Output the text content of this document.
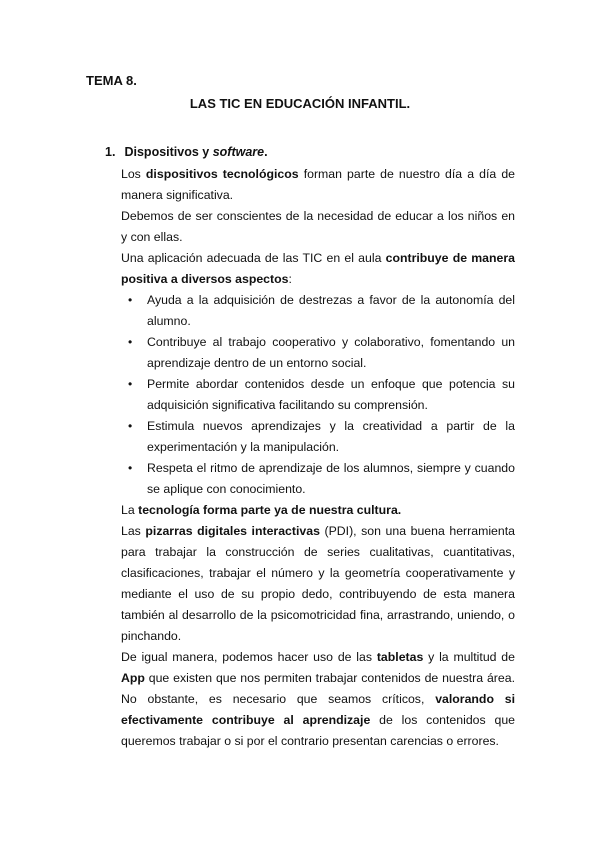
TEMA 8.
LAS TIC EN EDUCACIÓN INFANTIL.
1. Dispositivos y software.

Los dispositivos tecnológicos forman parte de nuestro día a día de manera significativa.

Debemos de ser conscientes de la necesidad de educar a los niños en y con ellas.

Una aplicación adecuada de las TIC en el aula contribuye de manera positiva a diversos aspectos:

• Ayuda a la adquisición de destrezas a favor de la autonomía del alumno.
• Contribuye al trabajo cooperativo y colaborativo, fomentando un aprendizaje dentro de un entorno social.
• Permite abordar contenidos desde un enfoque que potencia su adquisición significativa facilitando su comprensión.
• Estimula nuevos aprendizajes y la creatividad a partir de la experimentación y la manipulación.
• Respeta el ritmo de aprendizaje de los alumnos, siempre y cuando se aplique con conocimiento.

La tecnología forma parte ya de nuestra cultura.

Las pizarras digitales interactivas (PDI), son una buena herramienta para trabajar la construcción de series cualitativas, cuantitativas, clasificaciones, trabajar el número y la geometría cooperativamente y mediante el uso de su propio dedo, contribuyendo de esta manera también al desarrollo de la psicomotricidad fina, arrastrando, uniendo, o pinchando.

De igual manera, podemos hacer uso de las tabletas y la multitud de App que existen que nos permiten trabajar contenidos de nuestra área. No obstante, es necesario que seamos críticos, valorando si efectivamente contribuye al aprendizaje de los contenidos que queremos trabajar o si por el contrario presentan carencias o errores.
